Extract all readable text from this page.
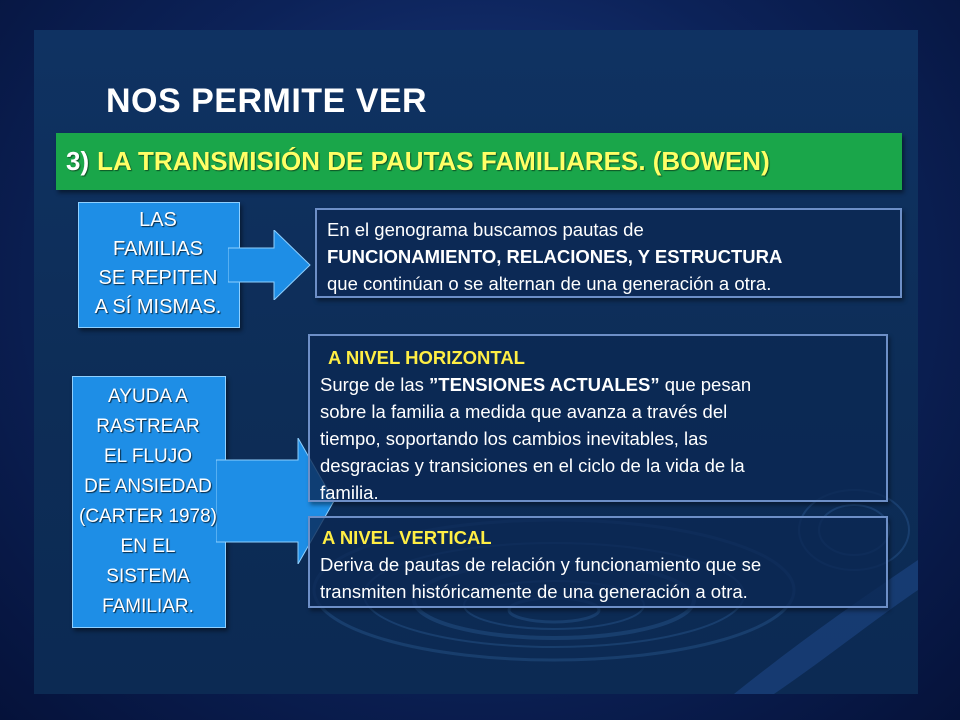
NOS PERMITE VER
3) LA TRANSMISIÓN DE PAUTAS FAMILIARES. (BOWEN)

LAS
FAMILIAS
SE REPITEN
A SÍ MISMAS.

En el genograma buscamos pautas de

FUNCIONAMIENTO, RELACIONES, Y ESTRUCTURA

que continúan o se alternan de una generación a otra.

AYUDA A
RASTREAR
EL FLUJO
DE ANSIEDAD
(CARTER 1978)
EN EL
SISTEMA
FAMILIAR.

A NIVEL HORIZONTAL

Surge de las ”TENSIONES ACTUALES” que pesan

sobre la familia a medida que avanza a través del

tiempo, soportando los cambios inevitables, las

desgracias y transiciones en el ciclo de la vida de la

familia.

A NIVEL VERTICAL

Deriva de pautas de relación y funcionamiento que se

transmiten históricamente de una generación a otra.
